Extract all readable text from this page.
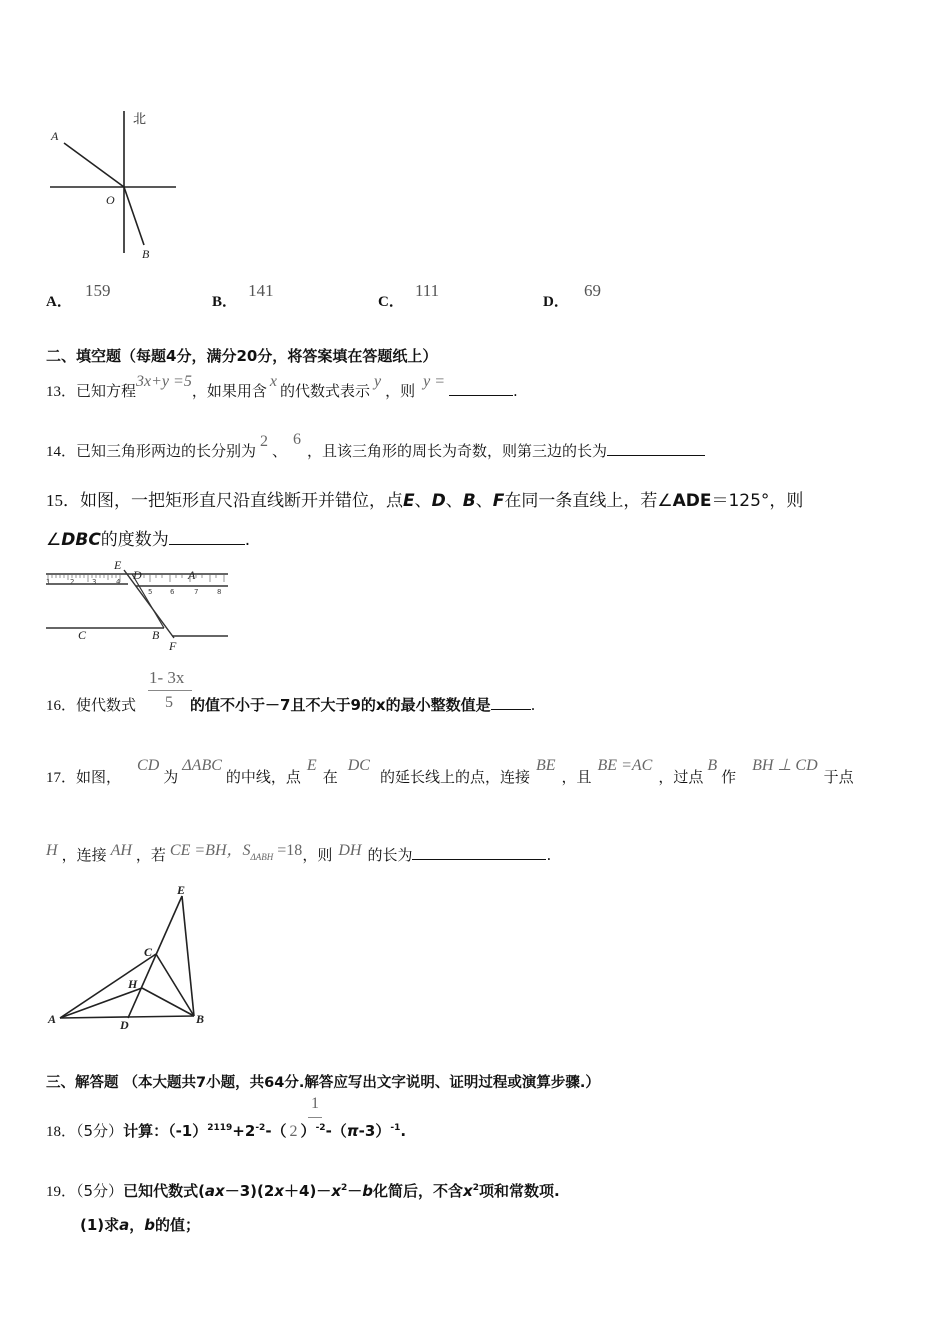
北
A
O
B
A． 159
B． 141
C． 111
D． 69
二、填空题（每题4分，满分20分，将答案填在答题纸上）
13．已知方程3x+y =5，如果用含x的代数式表示y，则y =.
14．已知三角形两边的长分别为2、6，且该三角形的周长为奇数，则第三边的长为
15．如图，一把矩形直尺沿直线断开并错位，点E、D、B、F在同一条直线上，若∠ADE＝125°，则
∠DBC的度数为	.
1	2	3	4
5	6	7	8
E
D	A
C	B
F
1- 3x
5
16．使代数式	的值不小于－7且不大于9的x的最小整数值是	.
17．如图，CD为ΔABC的中线，点E在DC的延长线上的点，连接BE，且BE =AC，过点B作BH ⊥ CD于点
H ，连接 AH ，若 CE =BH，SΔABH =18，则 DH 的长为	.
E
C
H
A	D	B
三、解答题 （本大题共7小题，共64分.解答应写出文字说明、证明过程或演算步骤.）
1
18．（5分）计算：$(-1)^{2119}+2^{-2}-$（ 2 ）$^{-2}-(\pi-3)^{-1}$.
19．（5分）已知代数式$(ax-3)(2x+4)-x^2-b$化简后，不含$x^2$项和常数项.
(1)求a，b的值；
